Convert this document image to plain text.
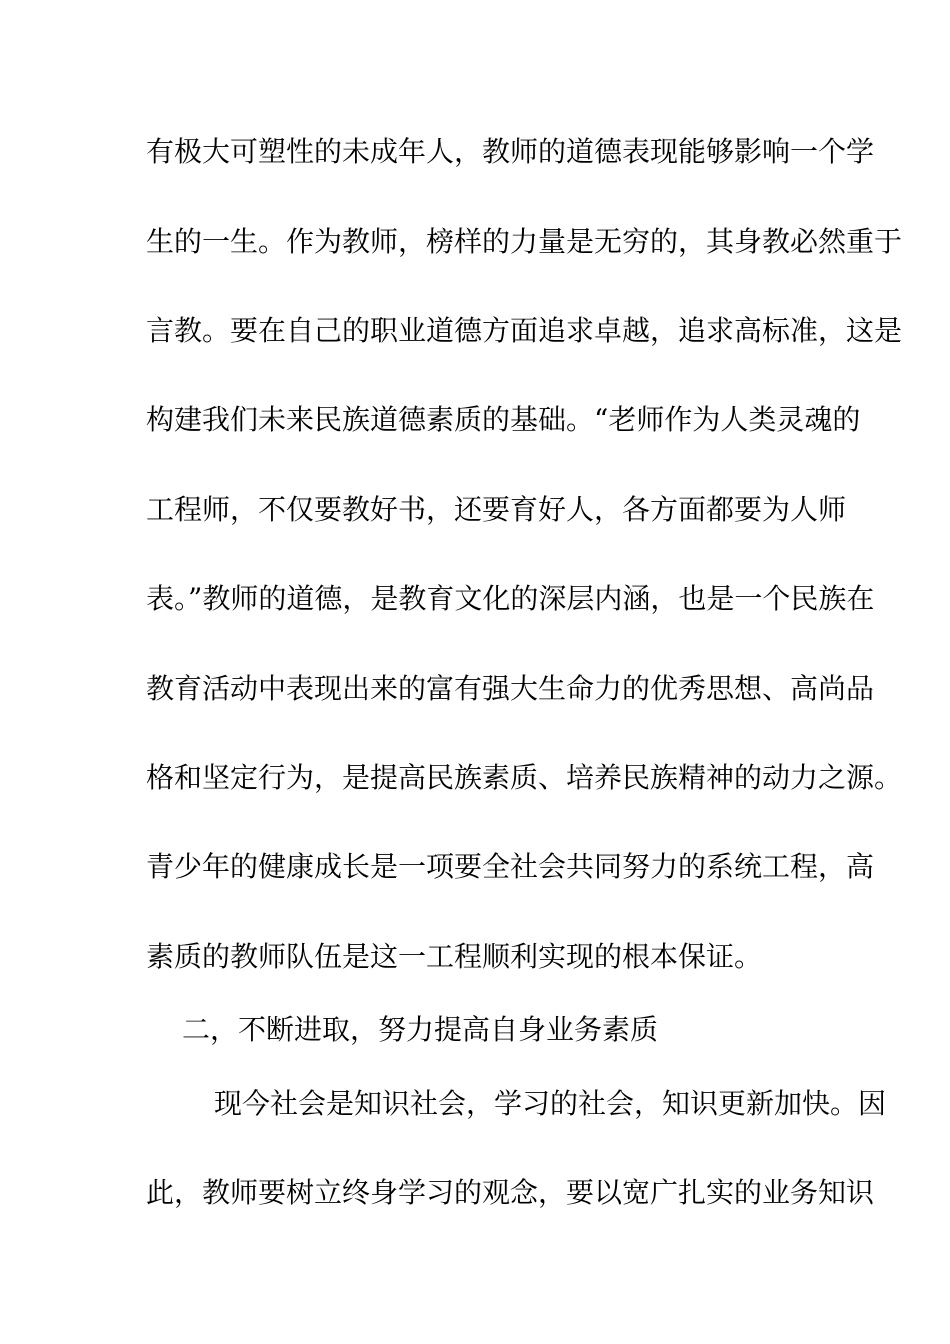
有极大可塑性的未成年人，教师的道德表现能够影响一个学
生的一生。作为教师，榜样的力量是无穷的，其身教必然重于
言教。要在自己的职业道德方面追求卓越，追求高标准，这是
构建我们未来民族道德素质的基础。“老师作为人类灵魂的
工程师，不仅要教好书，还要育好人，各方面都要为人师
表。”教师的道德，是教育文化的深层内涵，也是一个民族在
教育活动中表现出来的富有强大生命力的优秀思想、高尚品
格和坚定行为，是提高民族素质、培养民族精神的动力之源。
青少年的健康成长是一项要全社会共同努力的系统工程，高
素质的教师队伍是这一工程顺利实现的根本保证。
二，不断进取，努力提高自身业务素质
现今社会是知识社会，学习的社会，知识更新加快。因
此，教师要树立终身学习的观念，要以宽广扎实的业务知识
